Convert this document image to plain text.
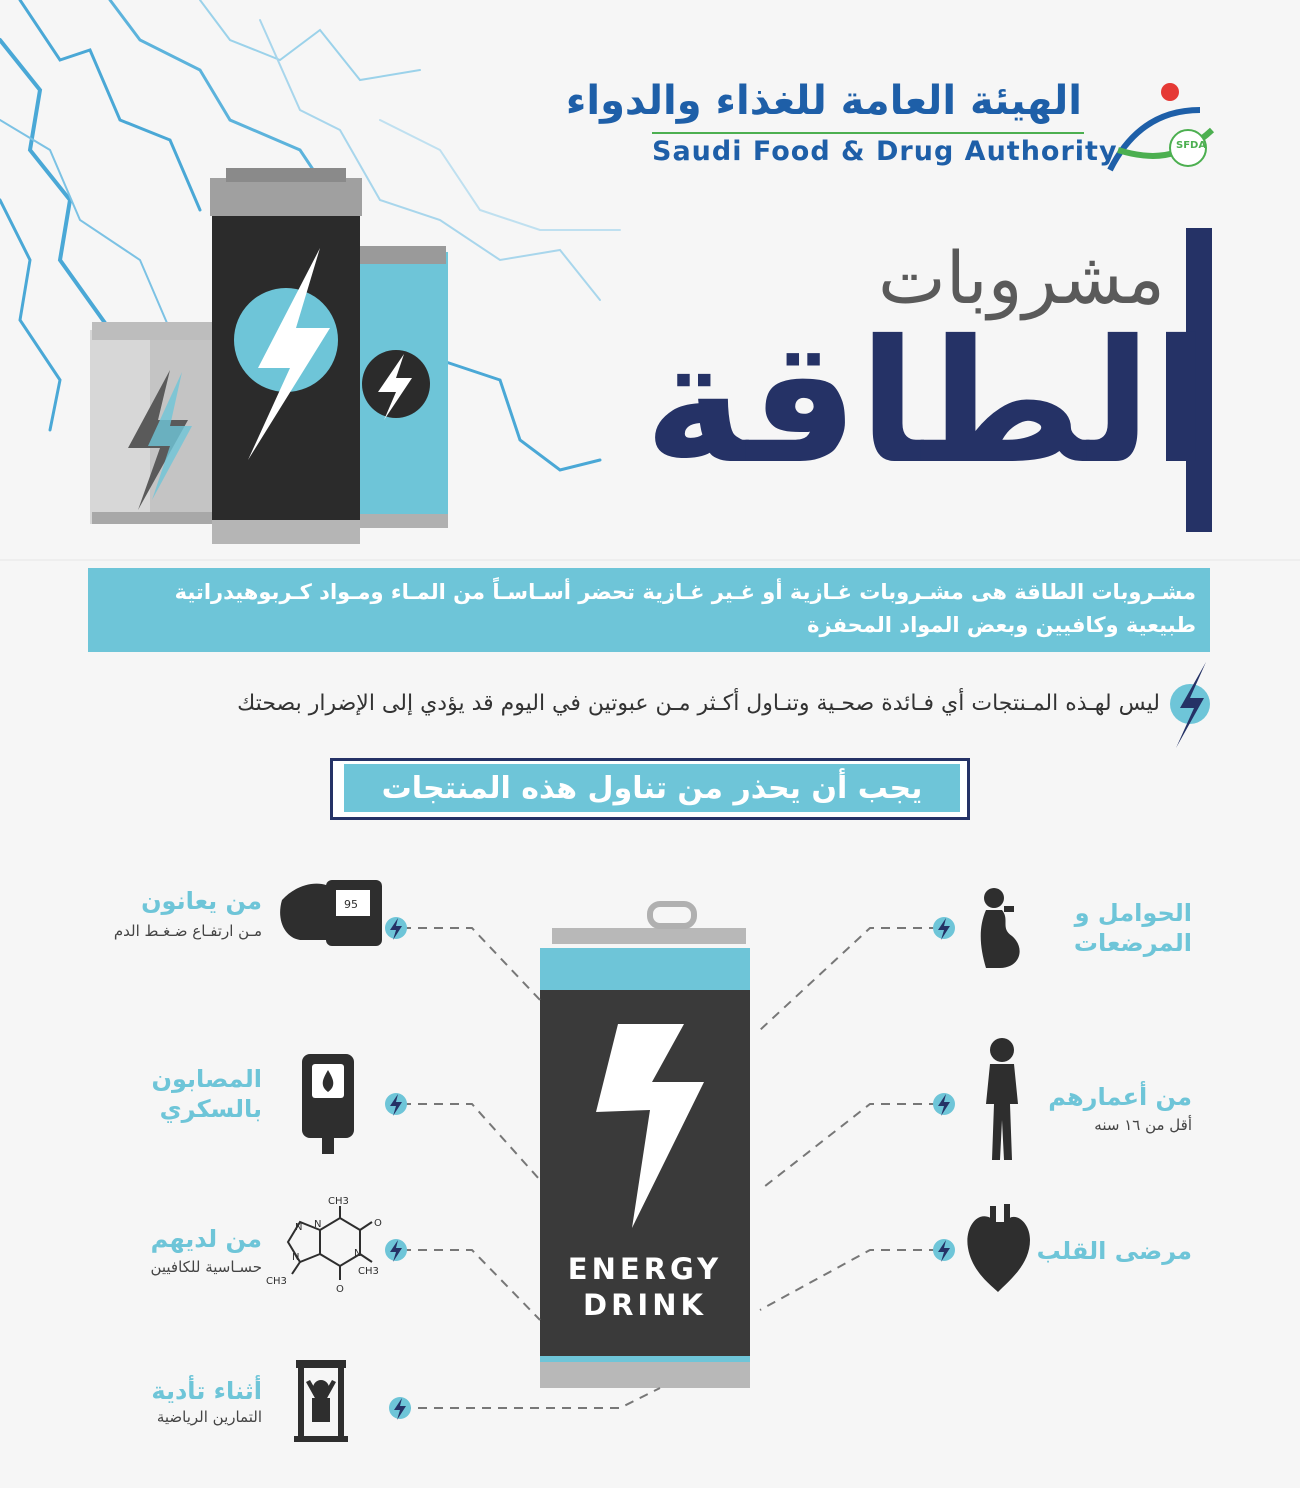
95
CH3
CH3
CH3
N
N
N	N
O
O
الهيئة العامة للغذاء والدواء
Saudi Food & Drug Authority	SFDA
مشروبات
الطاقة
مشـروبات الطاقة هى مشـروبات غـازية أو غـير غـازية تحضر أسـاسـاً من المـاء ومـواد كـربوهيدراتية طبيعية وكافيين وبعض المواد المحفزة
ليس لهـذه المـنتجات أي فـائدة صحـية وتنـاول أكـثر مـن عبوتين في اليوم قد يؤدي إلى الإضرار بصحتك
يجب أن يحذر من تناول هذه المنتجات
من يعانون
مـن ارتفـاع ضـغـط الدم
المصابون بالسكري
من لديهم
حسـاسية للكافيين
أثناء تأدية
التمارين الرياضية
الحوامل و المرضعات
من أعمارهم
أقل من ١٦ سنه
مرضى القلب
ENERGY
DRINK
